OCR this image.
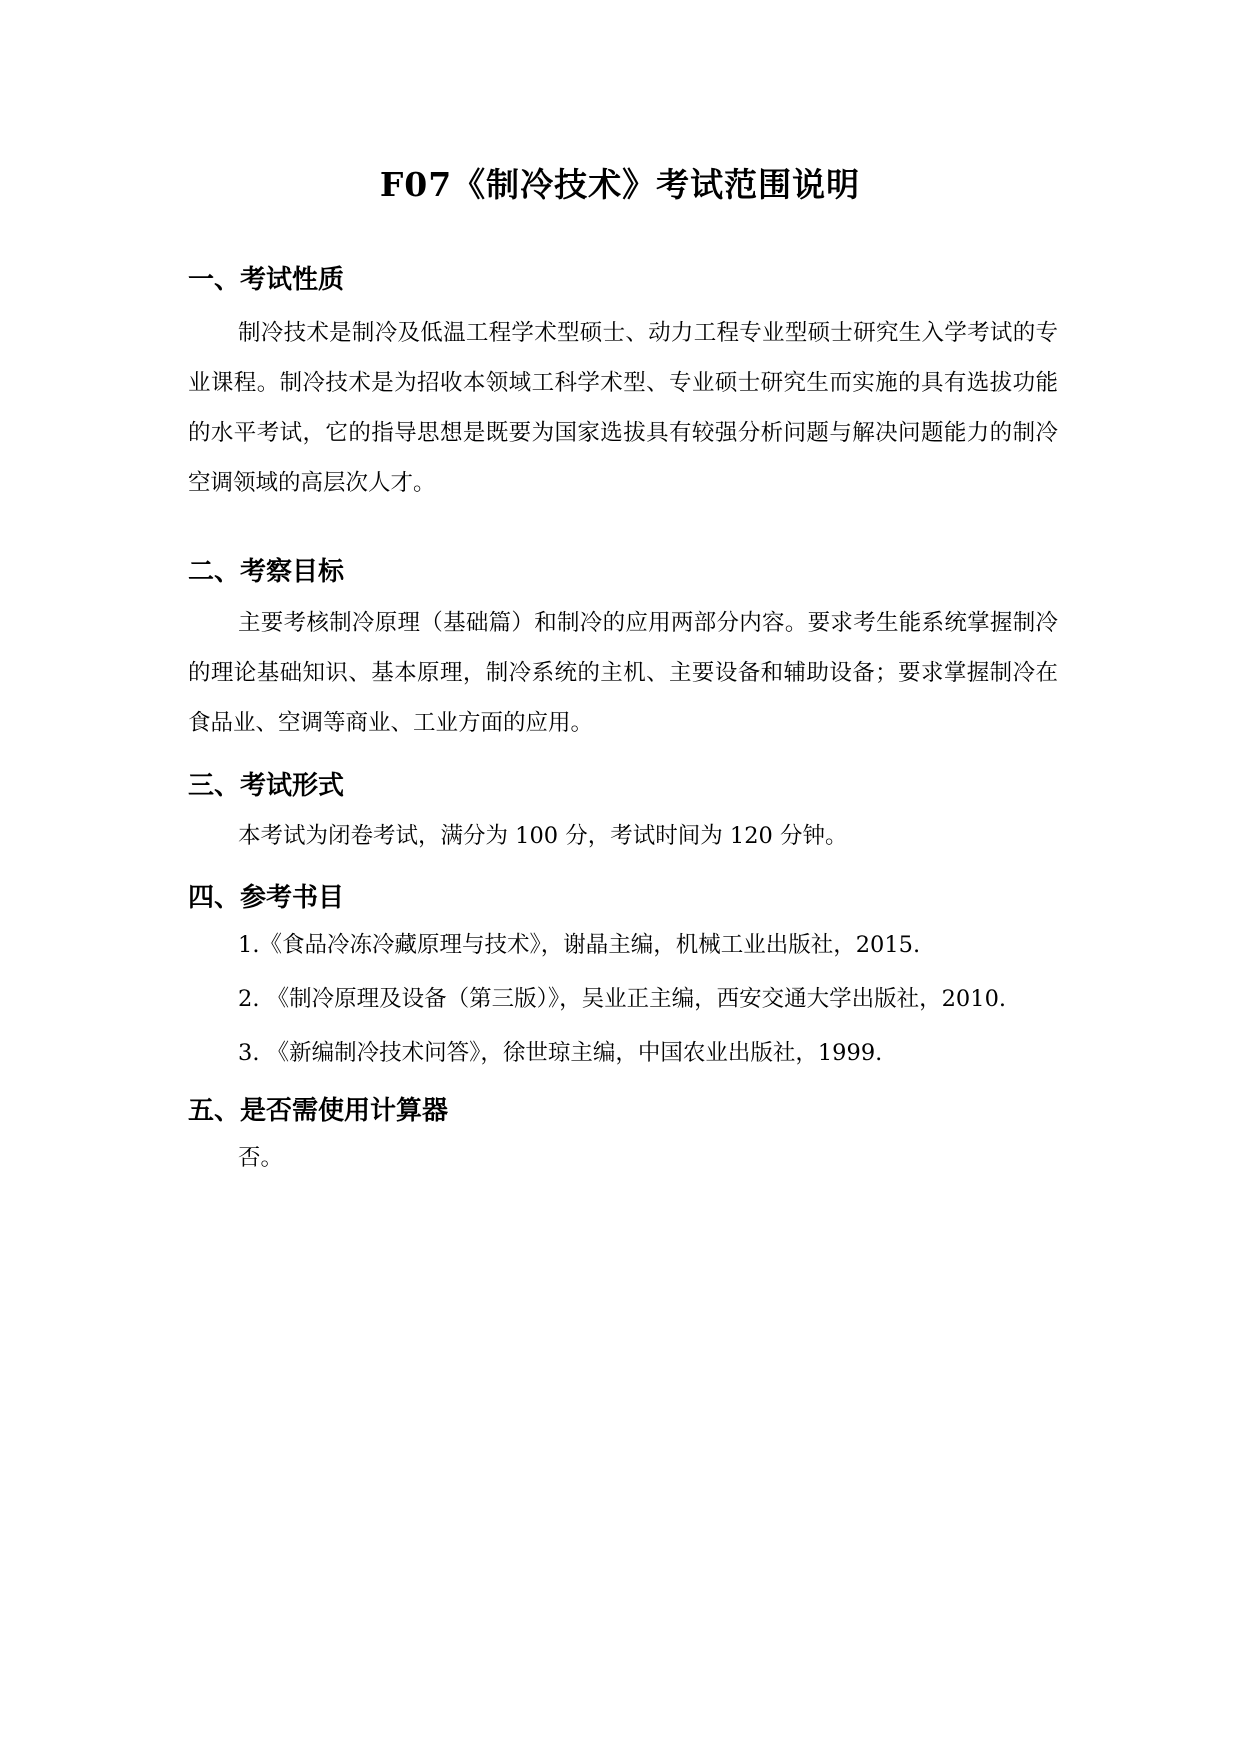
F07《制冷技术》考试范围说明
一、考试性质
制冷技术是制冷及低温工程学术型硕士、动力工程专业型硕士研究生入学考试的专业课程。制冷技术是为招收本领域工科学术型、专业硕士研究生而实施的具有选拔功能的水平考试，它的指导思想是既要为国家选拔具有较强分析问题与解决问题能力的制冷空调领域的高层次人才。
二、考察目标
主要考核制冷原理（基础篇）和制冷的应用两部分内容。要求考生能系统掌握制冷的理论基础知识、基本原理，制冷系统的主机、主要设备和辅助设备；要求掌握制冷在食品业、空调等商业、工业方面的应用。
三、考试形式
本考试为闭卷考试，满分为 100 分，考试时间为 120 分钟。
四、参考书目
1.《食品冷冻冷藏原理与技术》，谢晶主编，机械工业出版社，2015.
2. 《制冷原理及设备（第三版）》，吴业正主编，西安交通大学出版社，2010.
3. 《新编制冷技术问答》，徐世琼主编，中国农业出版社，1999.
五、是否需使用计算器
否。
